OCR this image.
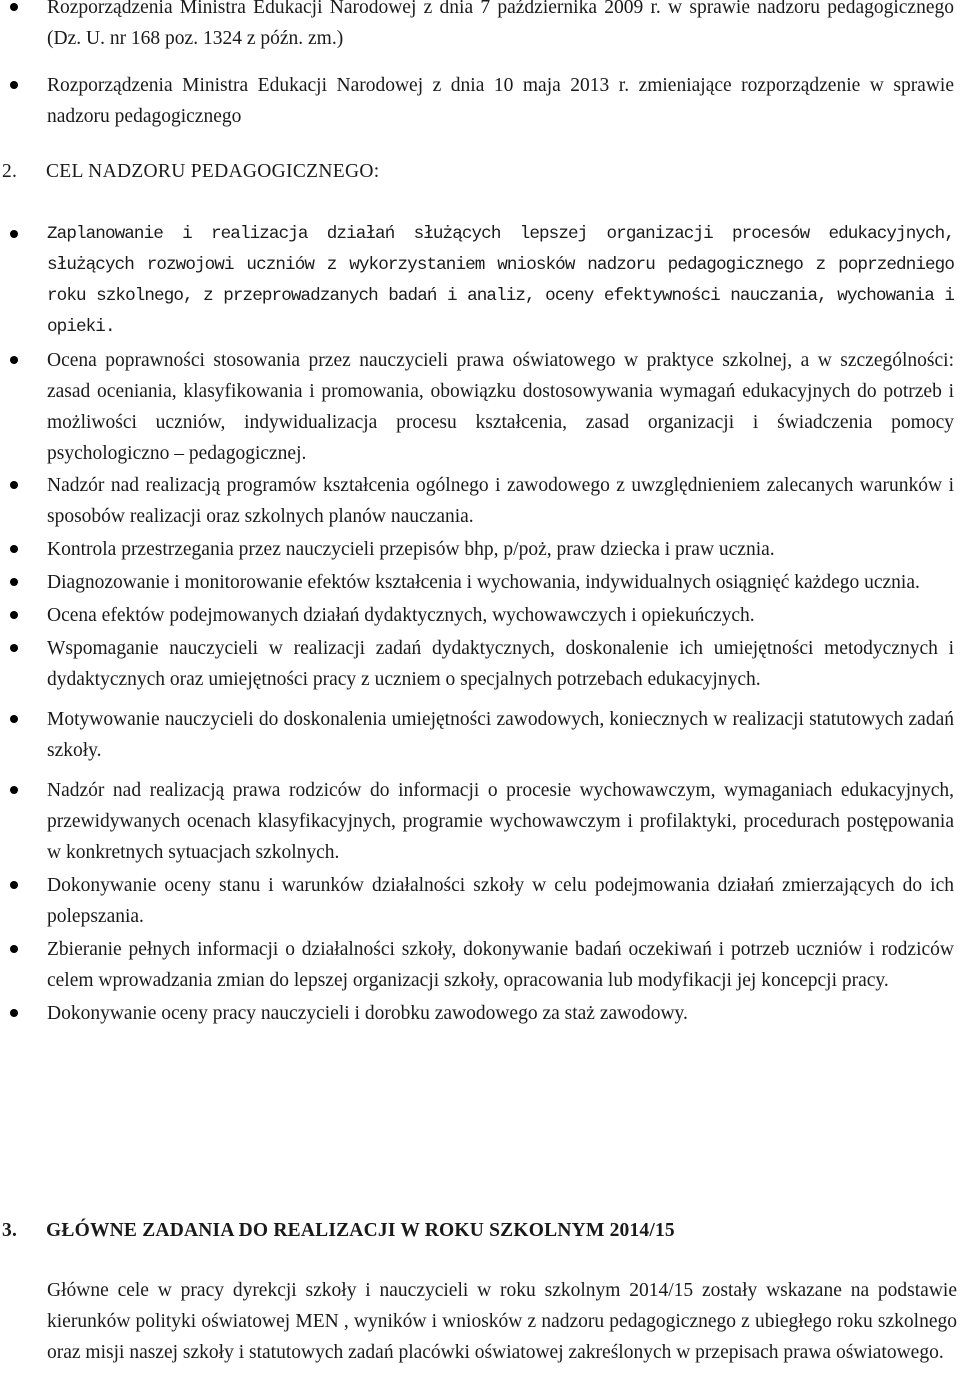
Rozporządzenia Ministra Edukacji Narodowej z dnia 7 października 2009 r. w sprawie nadzoru pedagogicznego (Dz. U. nr 168 poz. 1324 z późn. zm.)
Rozporządzenia Ministra Edukacji Narodowej z dnia 10 maja 2013 r. zmieniające rozporządzenie w sprawie nadzoru pedagogicznego
2.	CEL NADZORU PEDAGOGICZNEGO:
Zaplanowanie i realizacja działań służących lepszej organizacji procesów edukacyjnych, służących rozwojowi uczniów z wykorzystaniem wniosków nadzoru pedagogicznego z poprzedniego roku szkolnego, z przeprowadzanych badań i analiz, oceny efektywności nauczania, wychowania i opieki.
Ocena poprawności stosowania przez nauczycieli prawa oświatowego w praktyce szkolnej, a w szczególności: zasad oceniania, klasyfikowania i promowania, obowiązku dostosowywania wymagań edukacyjnych do potrzeb i możliwości uczniów, indywidualizacja procesu kształcenia, zasad organizacji i świadczenia pomocy psychologiczno – pedagogicznej.
Nadzór nad realizacją programów kształcenia ogólnego i zawodowego z uwzględnieniem zalecanych warunków i sposobów realizacji oraz szkolnych planów nauczania.
Kontrola przestrzegania przez nauczycieli przepisów bhp, p/poż, praw dziecka i praw ucznia.
Diagnozowanie i monitorowanie efektów kształcenia i wychowania, indywidualnych osiągnięć każdego ucznia.
Ocena efektów podejmowanych działań dydaktycznych, wychowawczych i opiekuńczych.
Wspomaganie nauczycieli w realizacji zadań dydaktycznych, doskonalenie ich umiejętności metodycznych i dydaktycznych oraz umiejętności pracy z uczniem o specjalnych potrzebach edukacyjnych.
Motywowanie nauczycieli do doskonalenia umiejętności zawodowych, koniecznych w realizacji statutowych zadań szkoły.
Nadzór nad realizacją prawa rodziców do informacji o procesie wychowawczym, wymaganiach edukacyjnych, przewidywanych ocenach klasyfikacyjnych, programie wychowawczym i profilaktyki, procedurach postępowania w konkretnych sytuacjach szkolnych.
Dokonywanie oceny stanu i warunków działalności szkoły w celu podejmowania działań zmierzających do ich polepszania.
Zbieranie pełnych informacji o działalności szkoły, dokonywanie badań oczekiwań i potrzeb uczniów i rodziców celem wprowadzania zmian do lepszej organizacji szkoły, opracowania lub modyfikacji jej koncepcji pracy.
Dokonywanie oceny pracy nauczycieli i dorobku zawodowego za staż zawodowy.
3.	GŁÓWNE ZADANIA DO REALIZACJI W ROKU SZKOLNYM 2014/15

Główne cele w pracy dyrekcji szkoły i nauczycieli w roku szkolnym 2014/15 zostały wskazane na podstawie kierunków polityki oświatowej MEN , wyników i wniosków z nadzoru pedagogicznego z ubiegłego roku szkolnego oraz misji naszej szkoły i statutowych zadań placówki oświatowej zakreślonych w przepisach prawa oświatowego.
